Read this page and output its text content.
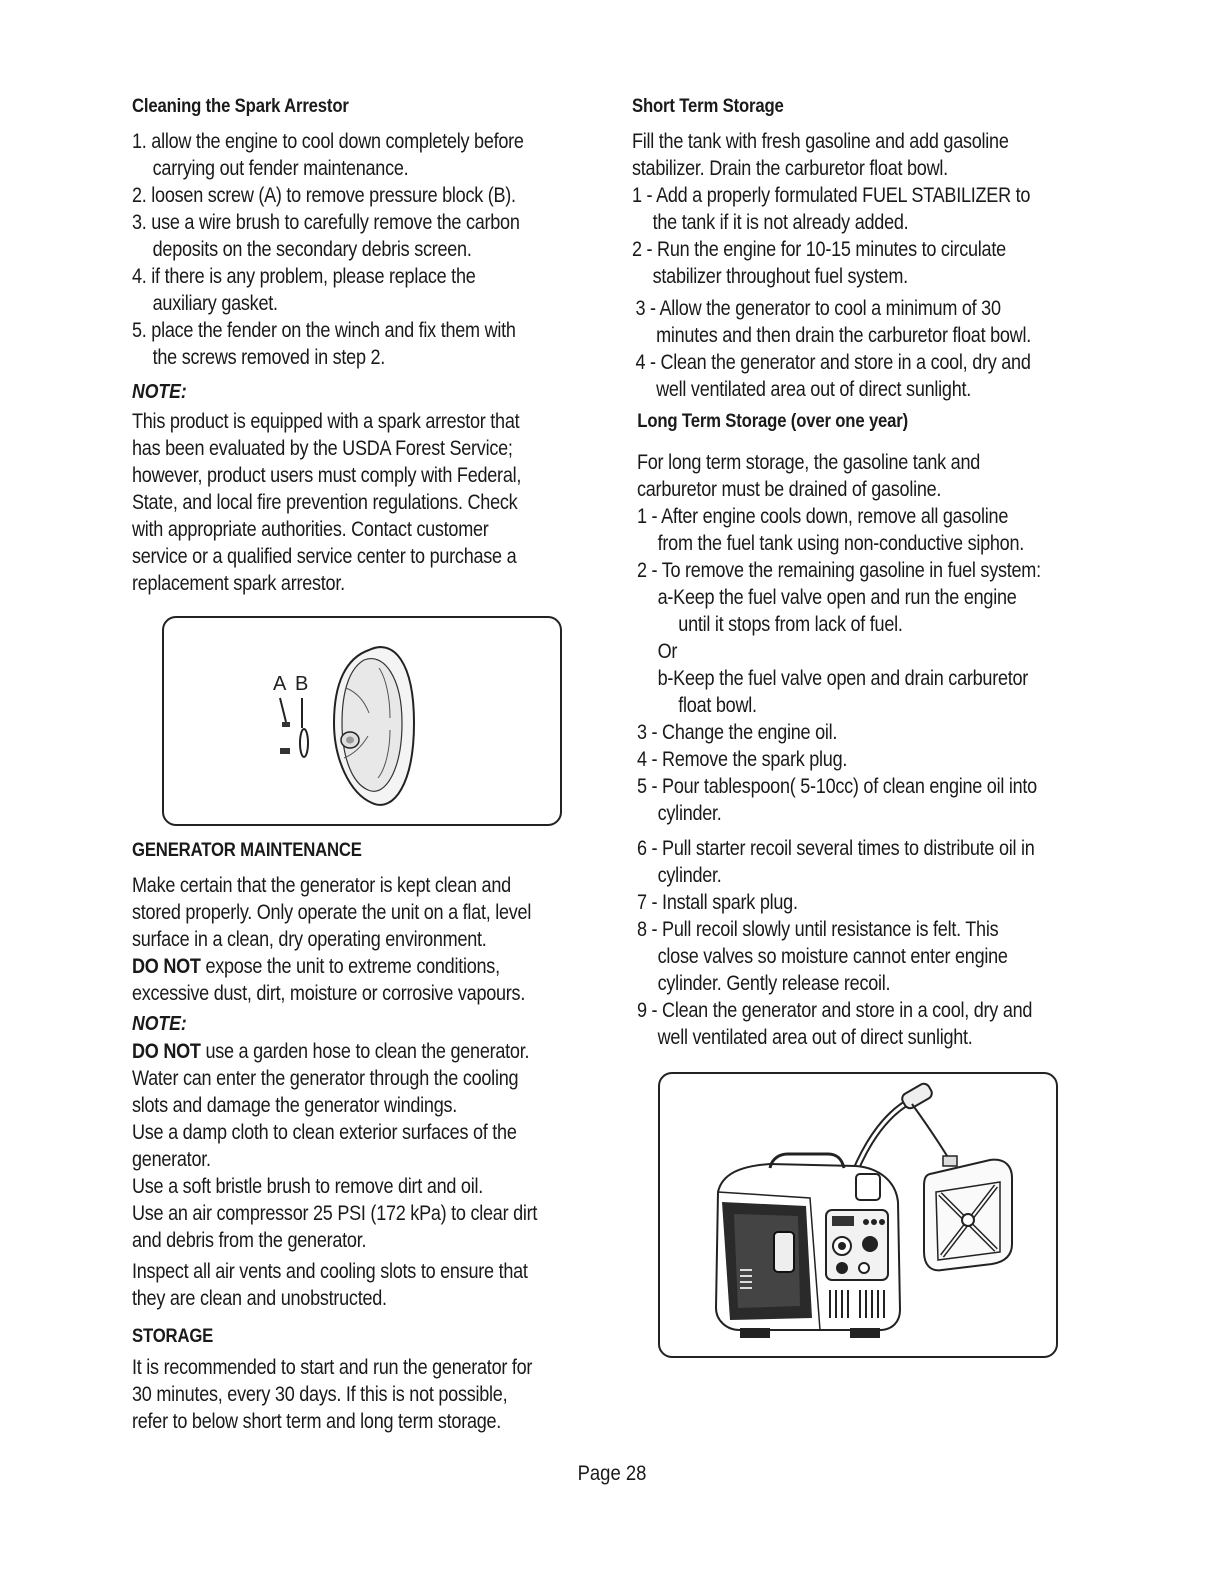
Cleaning the Spark Arrestor
1. allow the engine to cool down completely before
carrying out fender maintenance.
2. loosen screw (A) to remove pressure block (B).
3. use a wire brush to carefully remove the carbon
deposits on the secondary debris screen.
4. if there is any problem, please replace the
auxiliary gasket.
5. place the fender on the winch and fix them with
the screws removed in step 2.
NOTE:
This product is equipped with a spark arrestor that
has been evaluated by the USDA Forest Service;
however, product users must comply with Federal,
State, and local fire prevention regulations. Check
with appropriate authorities. Contact customer
service or a qualified service center to purchase a
replacement spark arrestor.
A B
GENERATOR MAINTENANCE
Make certain that the generator is kept clean and
stored properly. Only operate the unit on a flat, level
surface in a clean, dry operating environment.
DO NOT expose the unit to extreme conditions,
excessive dust, dirt, moisture or corrosive vapours.
NOTE:
DO NOT use a garden hose to clean the generator.
Water can enter the generator through the cooling
slots and damage the generator windings.
Use a damp cloth to clean exterior surfaces of the
generator.
Use a soft bristle brush to remove dirt and oil.
Use an air compressor 25 PSI (172 kPa) to clear dirt
and debris from the generator.
Inspect all air vents and cooling slots to ensure that
they are clean and unobstructed.
STORAGE
It is recommended to start and run the generator for
30 minutes, every 30 days. If this is not possible,
refer to below short term and long term storage.
Short Term Storage
Fill the tank with fresh gasoline and add gasoline
stabilizer. Drain the carburetor float bowl.
1 - Add a properly formulated FUEL STABILIZER to
the tank if it is not already added.
2 - Run the engine for 10-15 minutes to circulate
stabilizer throughout fuel system.
3 - Allow the generator to cool a minimum of 30
minutes and then drain the carburetor float bowl.
4 - Clean the generator and store in a cool, dry and
well ventilated area out of direct sunlight.
Long Term Storage (over one year)
For long term storage, the gasoline tank and
carburetor must be drained of gasoline.
1 - After engine cools down, remove all gasoline
from the fuel tank using non-conductive siphon.
2 - To remove the remaining gasoline in fuel system:
a-Keep the fuel valve open and run the engine
until it stops from lack of fuel.
Or
b-Keep the fuel valve open and drain carburetor
float bowl.
3 - Change the engine oil.
4 - Remove the spark plug.
5 - Pour tablespoon( 5-10cc) of clean engine oil into
cylinder.
6 - Pull starter recoil several times to distribute oil in
cylinder.
7 - Install spark plug.
8 - Pull recoil slowly until resistance is felt. This
close valves so moisture cannot enter engine
cylinder. Gently release recoil.
9 - Clean the generator and store in a cool, dry and
well ventilated area out of direct sunlight.
Page 28
